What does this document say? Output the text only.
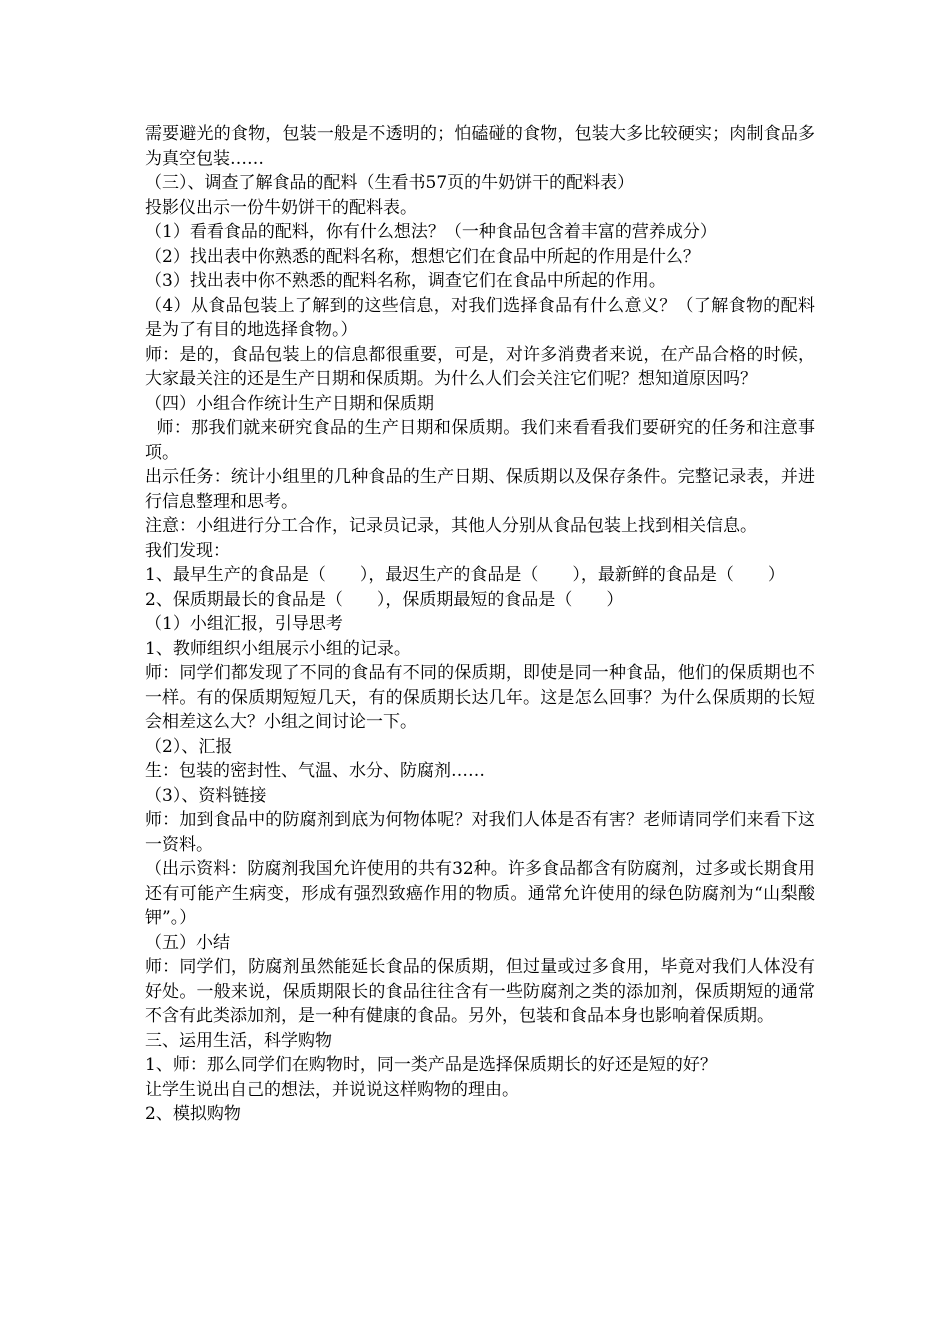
需要避光的食物，包装一般是不透明的；怕磕碰的食物，包装大多比较硬实；肉制食品多为真空包装……

（三）、调查了解食品的配料（生看书57页的牛奶饼干的配料表）

投影仪出示一份牛奶饼干的配料表。

（1）看看食品的配料，你有什么想法？（一种食品包含着丰富的营养成分）

（2）找出表中你熟悉的配料名称，想想它们在食品中所起的作用是什么？

（3）找出表中你不熟悉的配料名称，调查它们在食品中所起的作用。

（4）从食品包装上了解到的这些信息，对我们选择食品有什么意义？（了解食物的配料是为了有目的地选择食物。）

师：是的，食品包装上的信息都很重要，可是，对许多消费者来说，在产品合格的时候，大家最关注的还是生产日期和保质期。为什么人们会关注它们呢？想知道原因吗？

（四）小组合作统计生产日期和保质期

师：那我们就来研究食品的生产日期和保质期。我们来看看我们要研究的任务和注意事项。

出示任务：统计小组里的几种食品的生产日期、保质期以及保存条件。完整记录表，并进行信息整理和思考。

注意：小组进行分工合作，记录员记录，其他人分别从食品包装上找到相关信息。

我们发现：

1、最早生产的食品是（　　），最迟生产的食品是（　　），最新鲜的食品是（　　）

2、保质期最长的食品是（　　），保质期最短的食品是（　　）

（1）小组汇报，引导思考

1、教师组织小组展示小组的记录。

师：同学们都发现了不同的食品有不同的保质期，即使是同一种食品，他们的保质期也不一样。有的保质期短短几天，有的保质期长达几年。这是怎么回事？为什么保质期的长短会相差这么大？小组之间讨论一下。

（2）、汇报

生：包装的密封性、气温、水分、防腐剂……

（3）、资料链接

师：加到食品中的防腐剂到底为何物体呢？对我们人体是否有害？老师请同学们来看下这一资料。

（出示资料：防腐剂我国允许使用的共有32种。许多食品都含有防腐剂，过多或长期食用还有可能产生病变，形成有强烈致癌作用的物质。通常允许使用的绿色防腐剂为“山梨酸钾”。）

（五）小结

师：同学们，防腐剂虽然能延长食品的保质期，但过量或过多食用，毕竟对我们人体没有好处。一般来说，保质期限长的食品往往含有一些防腐剂之类的添加剂，保质期短的通常不含有此类添加剂，是一种有健康的食品。另外，包装和食品本身也影响着保质期。

三、运用生活，科学购物

1、师：那么同学们在购物时，同一类产品是选择保质期长的好还是短的好？

让学生说出自己的想法，并说说这样购物的理由。

2、模拟购物
